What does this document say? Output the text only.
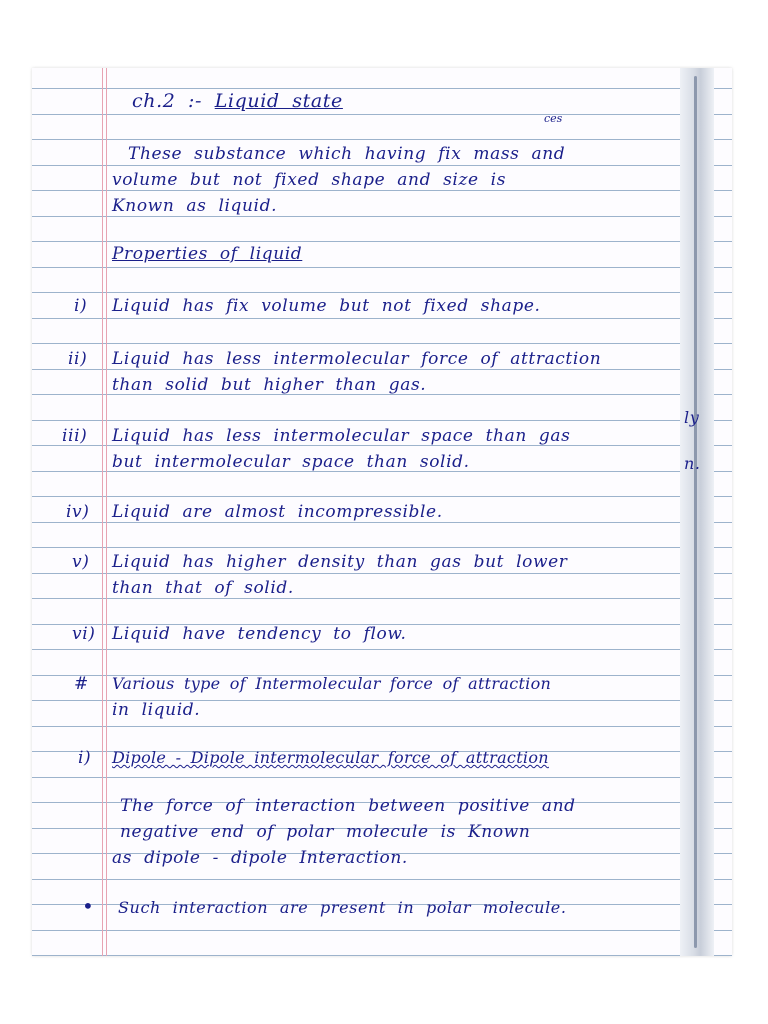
ch.2 :- Liquid state
ces
These substance which having fix mass and
volume but not fixed shape and size is
Known as liquid.
Properties of liquid
i) Liquid has fix volume but not fixed shape.
ii) Liquid has less intermolecular force of attraction
than solid but higher than gas.
iii) Liquid has less intermolecular space than gas
but intermolecular space than solid.
iv) Liquid are almost incompressible.
v) Liquid has higher density than gas but lower
than that of solid.
vi) Liquid have tendency to flow.
# Various type of Intermolecular force of attraction
in liquid.
i) Dipole - Dipole intermolecular force of attraction
The force of interaction between positive and
negative end of polar molecule is Known
as dipole - dipole Interaction.
• Such interaction are present in polar molecule.
ly
n.
